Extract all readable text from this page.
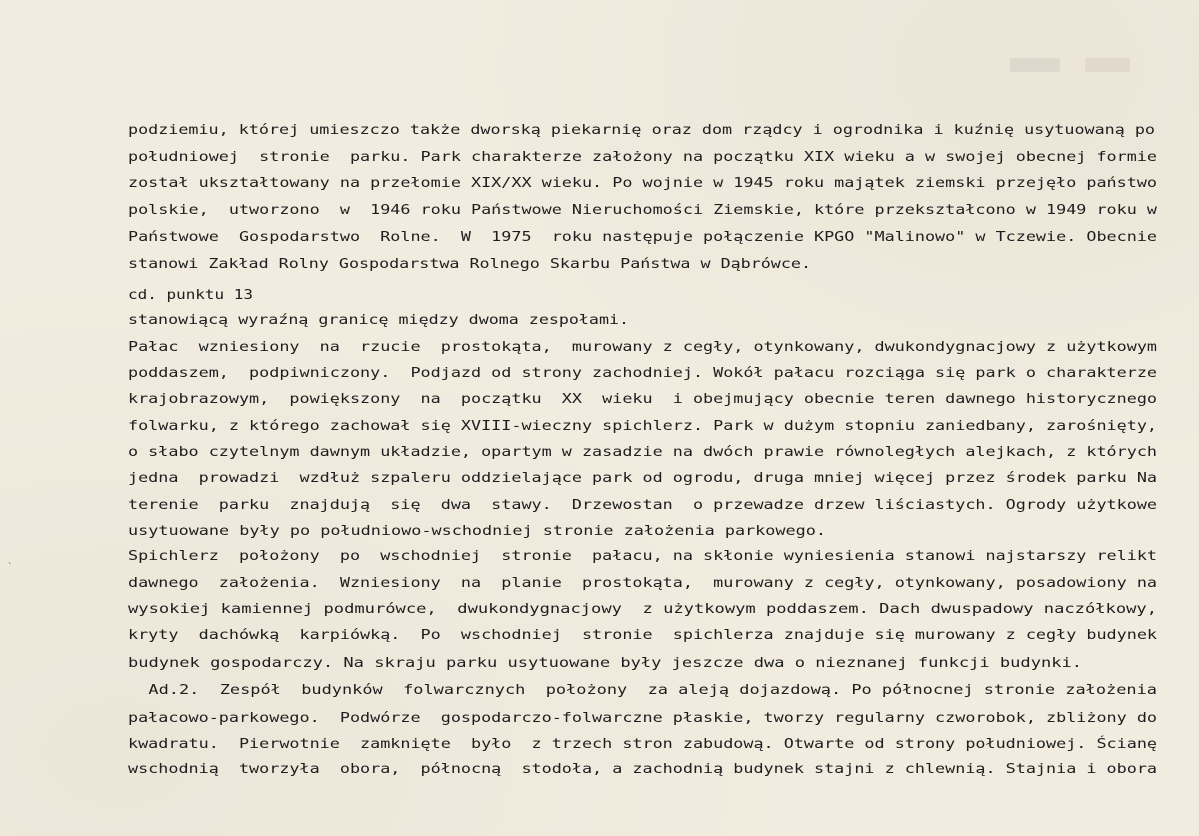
ˋ
podziemiu, której umieszczo także dworską piekarnię oraz dom rządcy i ogrodnika i kuźnię usytuowaną po
południowej  stronie  parku. Park charakterze założony na początku XIX wieku a w swojej obecnej formie
został ukształtowany na przełomie XIX/XX wieku. Po wojnie w 1945 roku majątek ziemski przejęło państwo
polskie,  utworzono  w  1946 roku Państwowe Nieruchomości Ziemskie, które przekształcono w 1949 roku w
Państwowe  Gospodarstwo  Rolne.  W  1975  roku następuje połączenie KPGO "Malinowo" w Tczewie. Obecnie
stanowi Zakład Rolny Gospodarstwa Rolnego Skarbu Państwa w Dąbrówce.
cd. punktu 13
stanowiącą wyraźną granicę między dwoma zespołami.
Pałac  wzniesiony  na  rzucie  prostokąta,  murowany z cegły, otynkowany, dwukondygnacjowy z użytkowym
poddaszem,  podpiwniczony.  Podjazd od strony zachodniej. Wokół pałacu rozciąga się park o charakterze
krajobrazowym,  powiększony  na  początku  XX  wieku  i obejmujący obecnie teren dawnego historycznego
folwarku, z którego zachował się XVIII-wieczny spichlerz. Park w dużym stopniu zaniedbany, zarośnięty,
o słabo czytelnym dawnym układzie, opartym w zasadzie na dwóch prawie równoległych alejkach, z których
jedna  prowadzi  wzdłuż szpaleru oddzielające park od ogrodu, druga mniej więcej przez środek parku Na
terenie  parku  znajdują  się  dwa  stawy.  Drzewostan  o przewadze drzew liściastych. Ogrody użytkowe
usytuowane były po południowo-wschodniej stronie założenia parkowego.
Spichlerz  położony  po  wschodniej  stronie  pałacu, na skłonie wyniesienia stanowi najstarszy relikt
dawnego  założenia.  Wzniesiony  na  planie  prostokąta,  murowany z cegły, otynkowany, posadowiony na
wysokiej kamiennej podmurówce,  dwukondygnacjowy  z użytkowym poddaszem. Dach dwuspadowy naczółkowy,
kryty  dachówką  karpiówką.  Po  wschodniej  stronie  spichlerza znajduje się murowany z cegły budynek
budynek gospodarczy. Na skraju parku usytuowane były jeszcze dwa o nieznanej funkcji budynki.
Ad.2.  Zespół  budynków  folwarcznych  położony  za aleją dojazdową. Po północnej stronie założenia
pałacowo-parkowego.  Podwórze  gospodarczo-folwarczne płaskie, tworzy regularny czworobok, zbliżony do
kwadratu.  Pierwotnie  zamknięte  było  z trzech stron zabudową. Otwarte od strony południowej. Ścianę
wschodnią  tworzyła  obora,  północną  stodoła, a zachodnią budynek stajni z chlewnią. Stajnia i obora
